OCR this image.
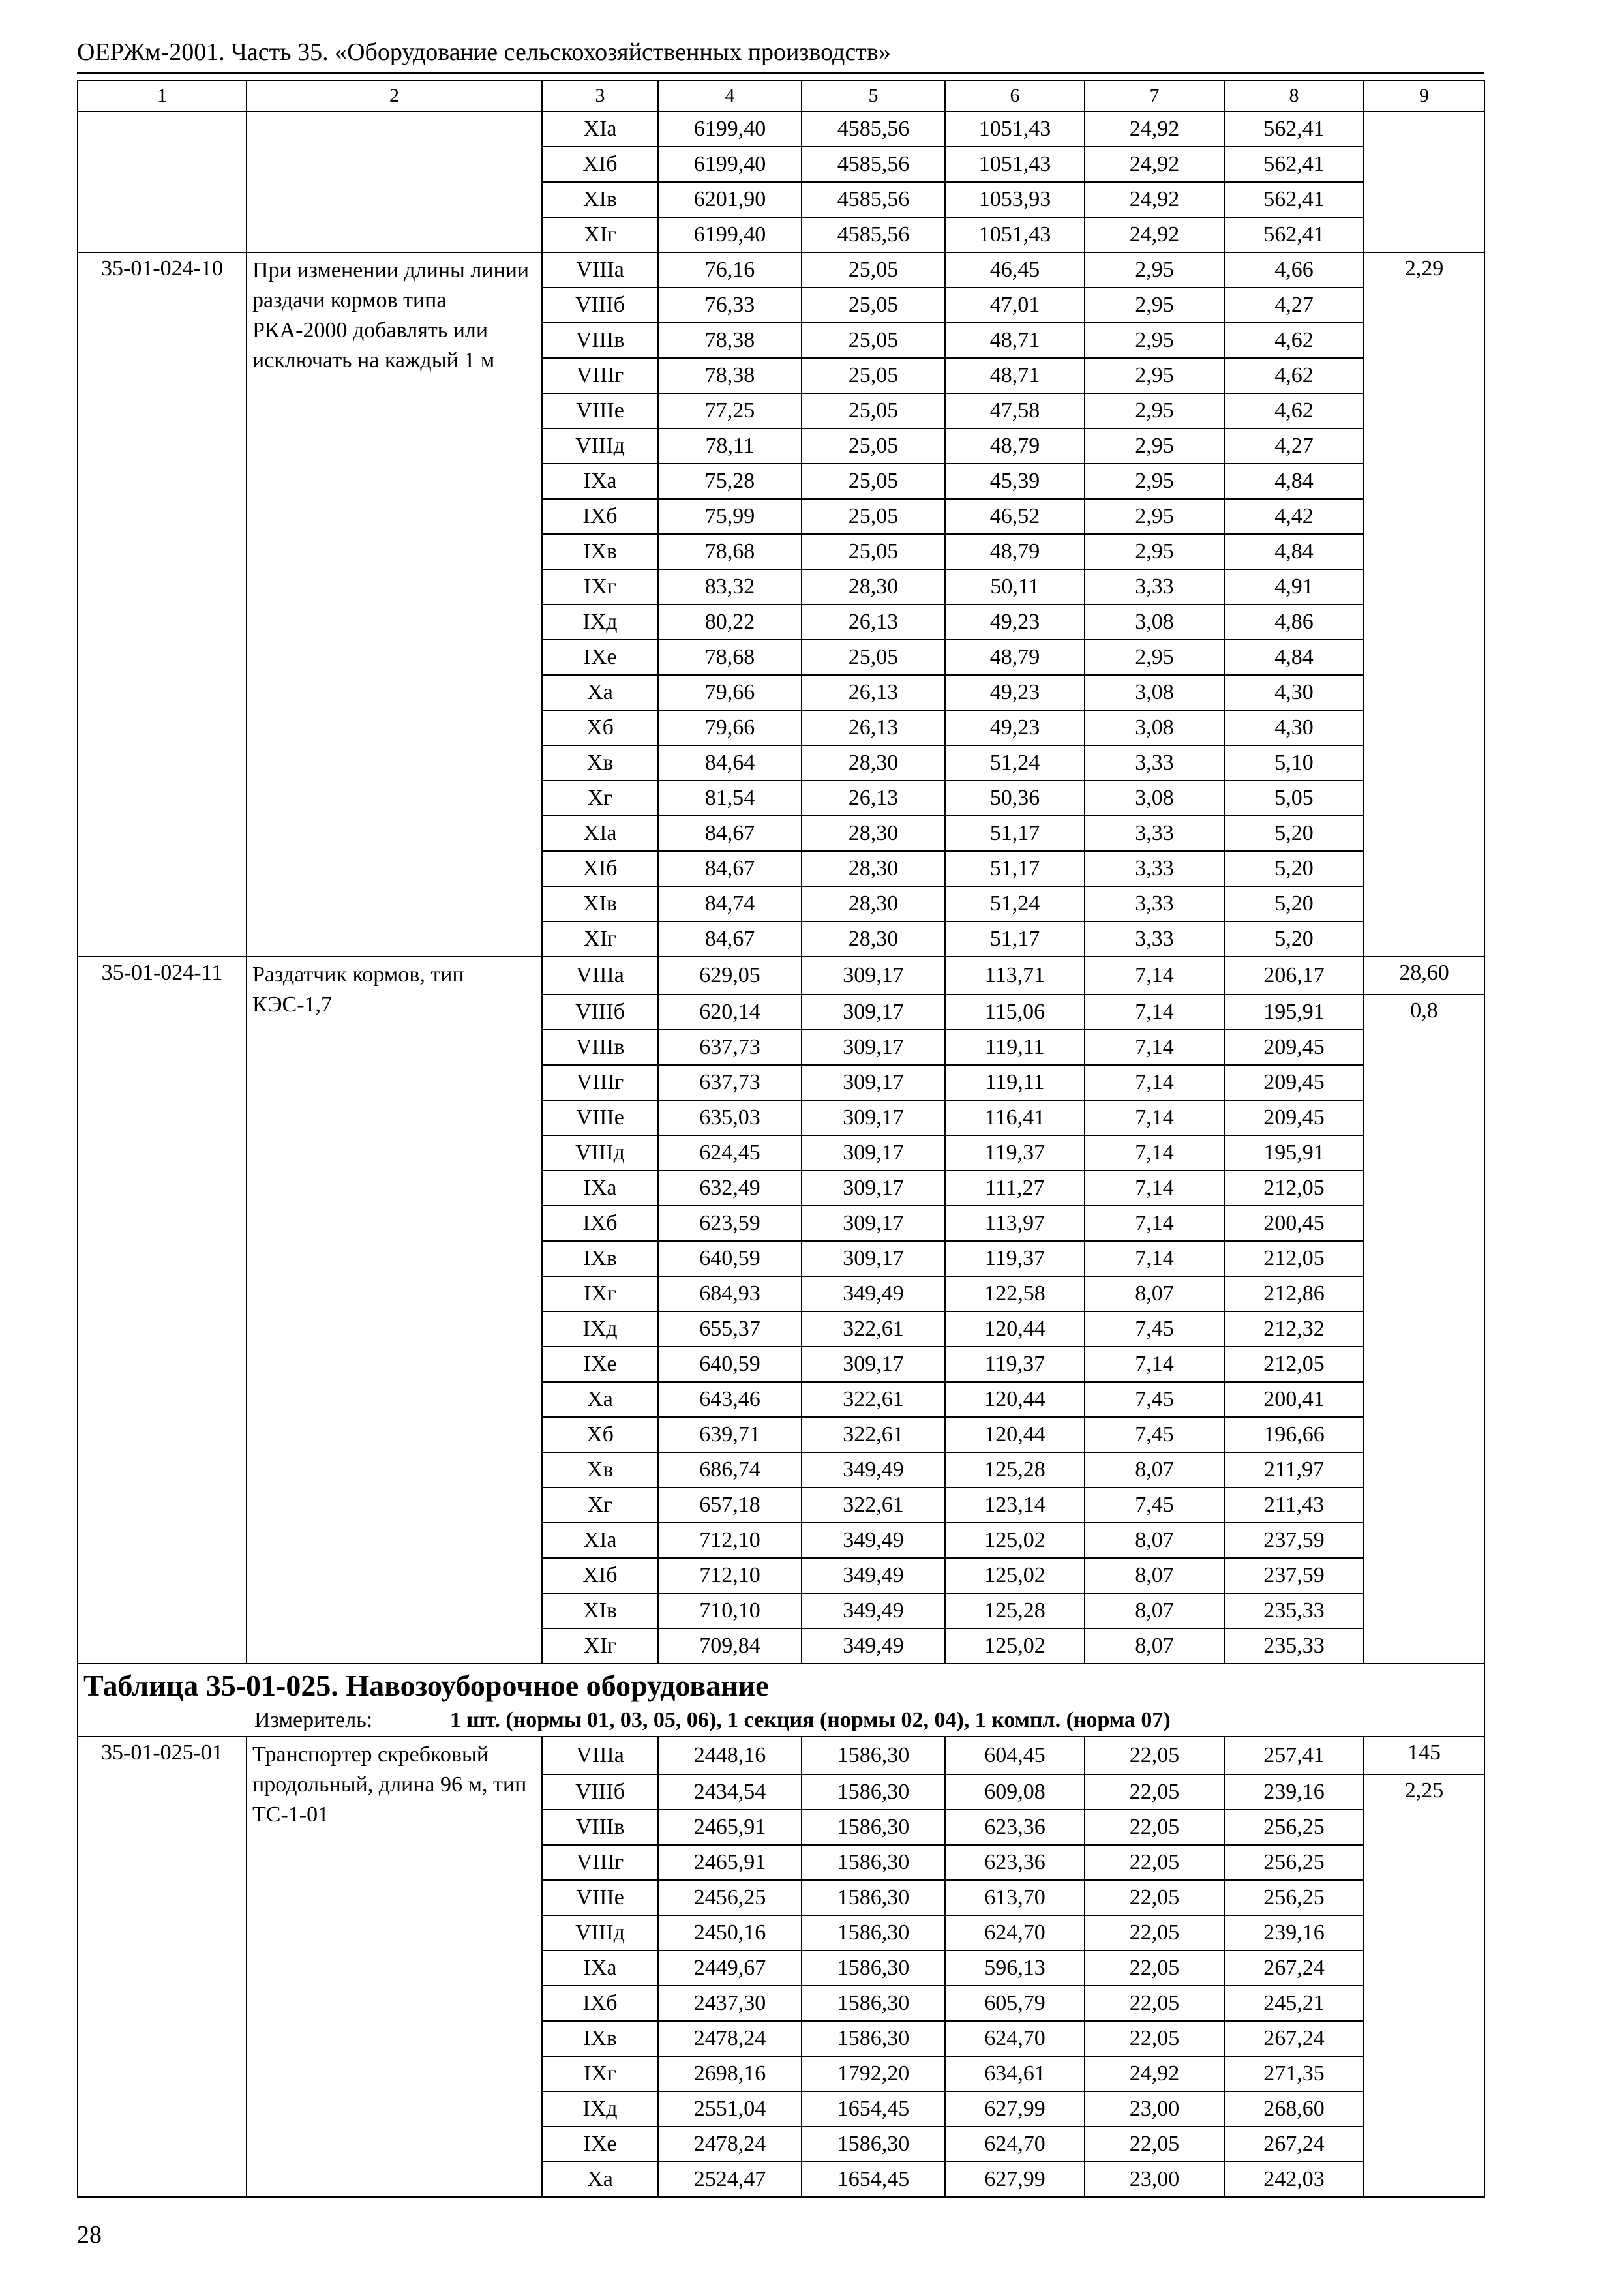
ОЕРЖм-2001. Часть 35. «Оборудование сельскохозяйственных производств»
1	2	3	4	5	6	7	8	9
		XIа	6199,40	4585,56	1051,43	24,92	562,41	
		XIб	6199,40	4585,56	1051,43	24,92	562,41	
		XIв	6201,90	4585,56	1053,93	24,92	562,41	
		XIг	6199,40	4585,56	1051,43	24,92	562,41	
35-01-024-10	При изменении длины линии раздачи кормов типа РКА-2000 добавлять или исключать на каждый 1 м	VIIIа	76,16	25,05	46,45	2,95	4,66	2,29
		VIIIб	76,33	25,05	47,01	2,95	4,27	
		VIIIв	78,38	25,05	48,71	2,95	4,62	
		VIIIг	78,38	25,05	48,71	2,95	4,62	
		VIIIе	77,25	25,05	47,58	2,95	4,62	
		VIIIд	78,11	25,05	48,79	2,95	4,27	
		IXа	75,28	25,05	45,39	2,95	4,84	
		IXб	75,99	25,05	46,52	2,95	4,42	
		IXв	78,68	25,05	48,79	2,95	4,84	
		IXг	83,32	28,30	50,11	3,33	4,91	
		IXд	80,22	26,13	49,23	3,08	4,86	
		IXе	78,68	25,05	48,79	2,95	4,84	
		Xа	79,66	26,13	49,23	3,08	4,30	
		Xб	79,66	26,13	49,23	3,08	4,30	
		Xв	84,64	28,30	51,24	3,33	5,10	
		Xг	81,54	26,13	50,36	3,08	5,05	
		XIа	84,67	28,30	51,17	3,33	5,20	
		XIб	84,67	28,30	51,17	3,33	5,20	
		XIв	84,74	28,30	51,24	3,33	5,20	
		XIг	84,67	28,30	51,17	3,33	5,20	
35-01-024-11	Раздатчик кормов, тип КЭС-1,7	VIIIа	629,05	309,17	113,71	7,14	206,17	28,60
		VIIIб	620,14	309,17	115,06	7,14	195,91	0,8
		VIIIв	637,73	309,17	119,11	7,14	209,45	
		VIIIг	637,73	309,17	119,11	7,14	209,45	
		VIIIе	635,03	309,17	116,41	7,14	209,45	
		VIIIд	624,45	309,17	119,37	7,14	195,91	
		IXа	632,49	309,17	111,27	7,14	212,05	
		IXб	623,59	309,17	113,97	7,14	200,45	
		IXв	640,59	309,17	119,37	7,14	212,05	
		IXг	684,93	349,49	122,58	8,07	212,86	
		IXд	655,37	322,61	120,44	7,45	212,32	
		IXе	640,59	309,17	119,37	7,14	212,05	
		Xа	643,46	322,61	120,44	7,45	200,41	
		Xб	639,71	322,61	120,44	7,45	196,66	
		Xв	686,74	349,49	125,28	8,07	211,97	
		Xг	657,18	322,61	123,14	7,45	211,43	
		XIа	712,10	349,49	125,02	8,07	237,59	
		XIб	712,10	349,49	125,02	8,07	237,59	
		XIв	710,10	349,49	125,28	8,07	235,33	
		XIг	709,84	349,49	125,02	8,07	235,33	

Таблица 35-01-025. Навозоуборочное оборудование
Измеритель: 1 шт. (нормы 01, 03, 05, 06), 1 секция (нормы 02, 04), 1 компл. (норма 07)								

35-01-025-01	Транспортер скребковый продольный, длина 96 м, тип ТС-1-01	VIIIа	2448,16	1586,30	604,45	22,05	257,41	145
		VIIIб	2434,54	1586,30	609,08	22,05	239,16	2,25
		VIIIв	2465,91	1586,30	623,36	22,05	256,25	
		VIIIг	2465,91	1586,30	623,36	22,05	256,25	
		VIIIе	2456,25	1586,30	613,70	22,05	256,25	
		VIIIд	2450,16	1586,30	624,70	22,05	239,16	
		IXа	2449,67	1586,30	596,13	22,05	267,24	
		IXб	2437,30	1586,30	605,79	22,05	245,21	
		IXв	2478,24	1586,30	624,70	22,05	267,24	
		IXг	2698,16	1792,20	634,61	24,92	271,35	
		IXд	2551,04	1654,45	627,99	23,00	268,60	
		IXе	2478,24	1586,30	624,70	22,05	267,24	
		Xа	2524,47	1654,45	627,99	23,00	242,03	
28
